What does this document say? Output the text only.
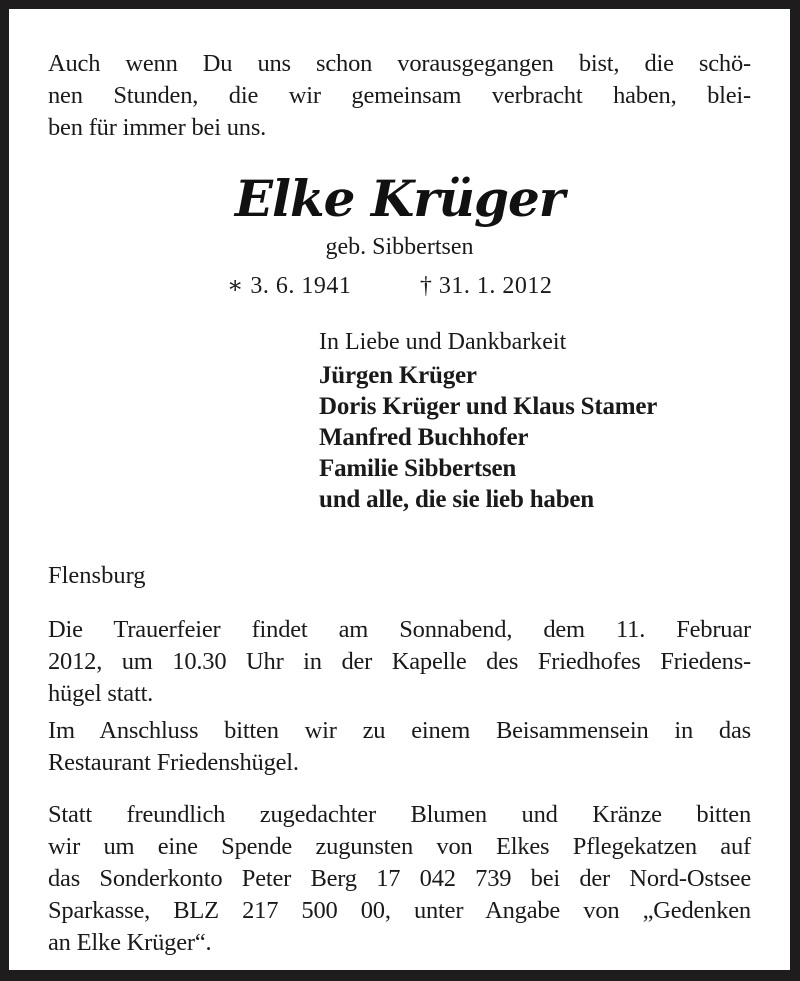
Auch wenn Du uns schon vorausgegangen bist, die schö-
nen Stunden, die wir gemeinsam verbracht haben, blei-
ben für immer bei uns.
Elke Krüger
geb. Sibbertsen
∗ 3. 6. 1941	† 31. 1. 2012
In Liebe und Dankbarkeit
Jürgen Krüger
Doris Krüger und Klaus Stamer
Manfred Buchhofer
Familie Sibbertsen
und alle, die sie lieb haben
Flensburg
Die Trauerfeier findet am Sonnabend, dem 11. Februar
2012, um 10.30 Uhr in der Kapelle des Friedhofes Friedens-
hügel statt.
Im Anschluss bitten wir zu einem Beisammensein in das
Restaurant Friedenshügel.
Statt freundlich zugedachter Blumen und Kränze bitten
wir um eine Spende zugunsten von Elkes Pflegekatzen auf
das Sonderkonto Peter Berg 17 042 739 bei der Nord-Ostsee
Sparkasse, BLZ 217 500 00, unter Angabe von „Gedenken
an Elke Krüger“.
